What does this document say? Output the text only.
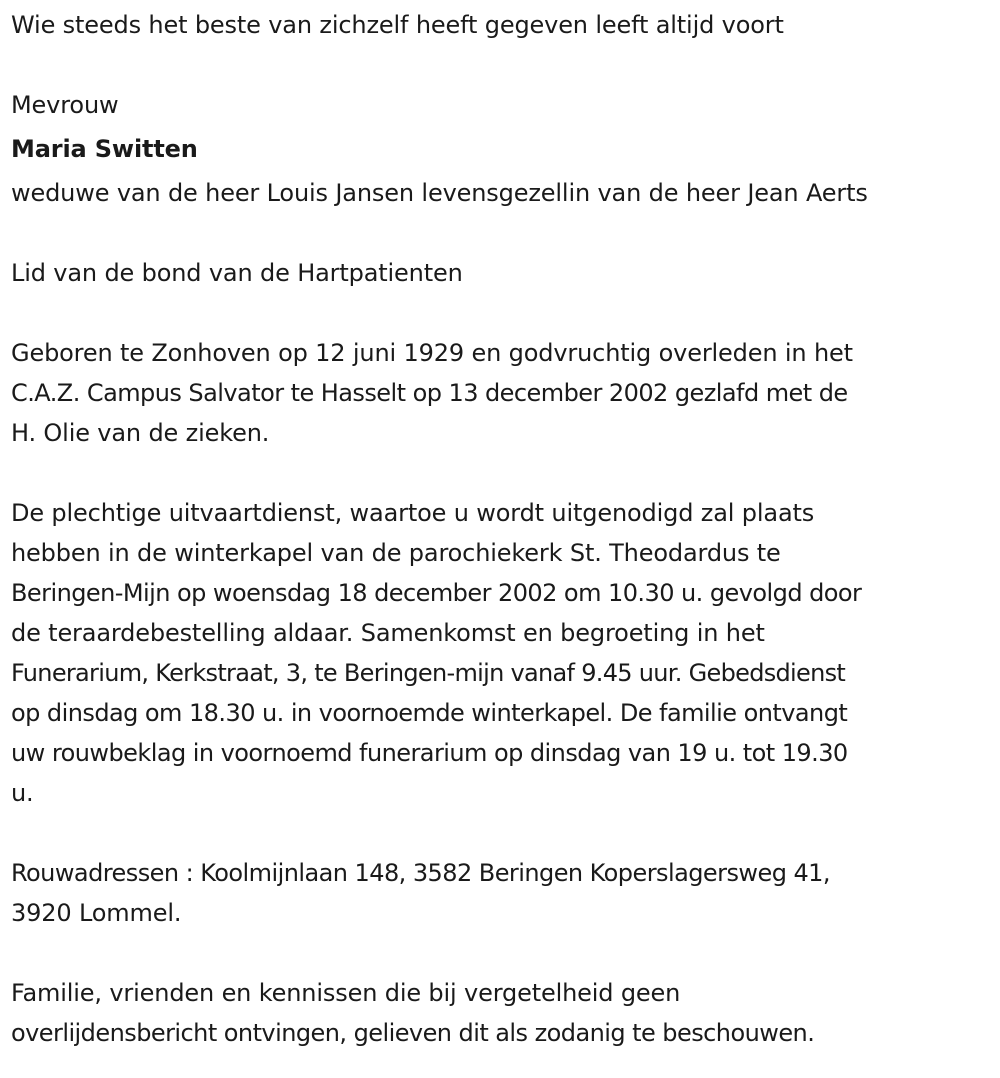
Wie steeds het beste van zichzelf heeft gegeven leeft altijd voort

Mevrouw

Maria Switten

weduwe van de heer Louis Jansen levensgezellin van de heer Jean Aerts

Lid van de bond van de Hartpatienten

Geboren te Zonhoven op 12 juni 1929 en godvruchtig overleden in het

C.A.Z. Campus Salvator te Hasselt op 13 december 2002 gezlafd met de

H. Olie van de zieken.

De plechtige uitvaartdienst, waartoe u wordt uitgenodigd zal plaats

hebben in de winterkapel van de parochiekerk St. Theodardus te

Beringen-Mijn op woensdag 18 december 2002 om 10.30 u. gevolgd door

de teraardebestelling aldaar. Samenkomst en begroeting in het

Funerarium, Kerkstraat, 3, te Beringen-mijn vanaf 9.45 uur. Gebedsdienst

op dinsdag om 18.30 u. in voornoemde winterkapel. De familie ontvangt

uw rouwbeklag in voornoemd funerarium op dinsdag van 19 u. tot 19.30

u.

Rouwadressen : Koolmijnlaan 148, 3582 Beringen Koperslagersweg 41,

3920 Lommel.

Familie, vrienden en kennissen die bij vergetelheid geen

overlijdensbericht ontvingen, gelieven dit als zodanig te beschouwen.
